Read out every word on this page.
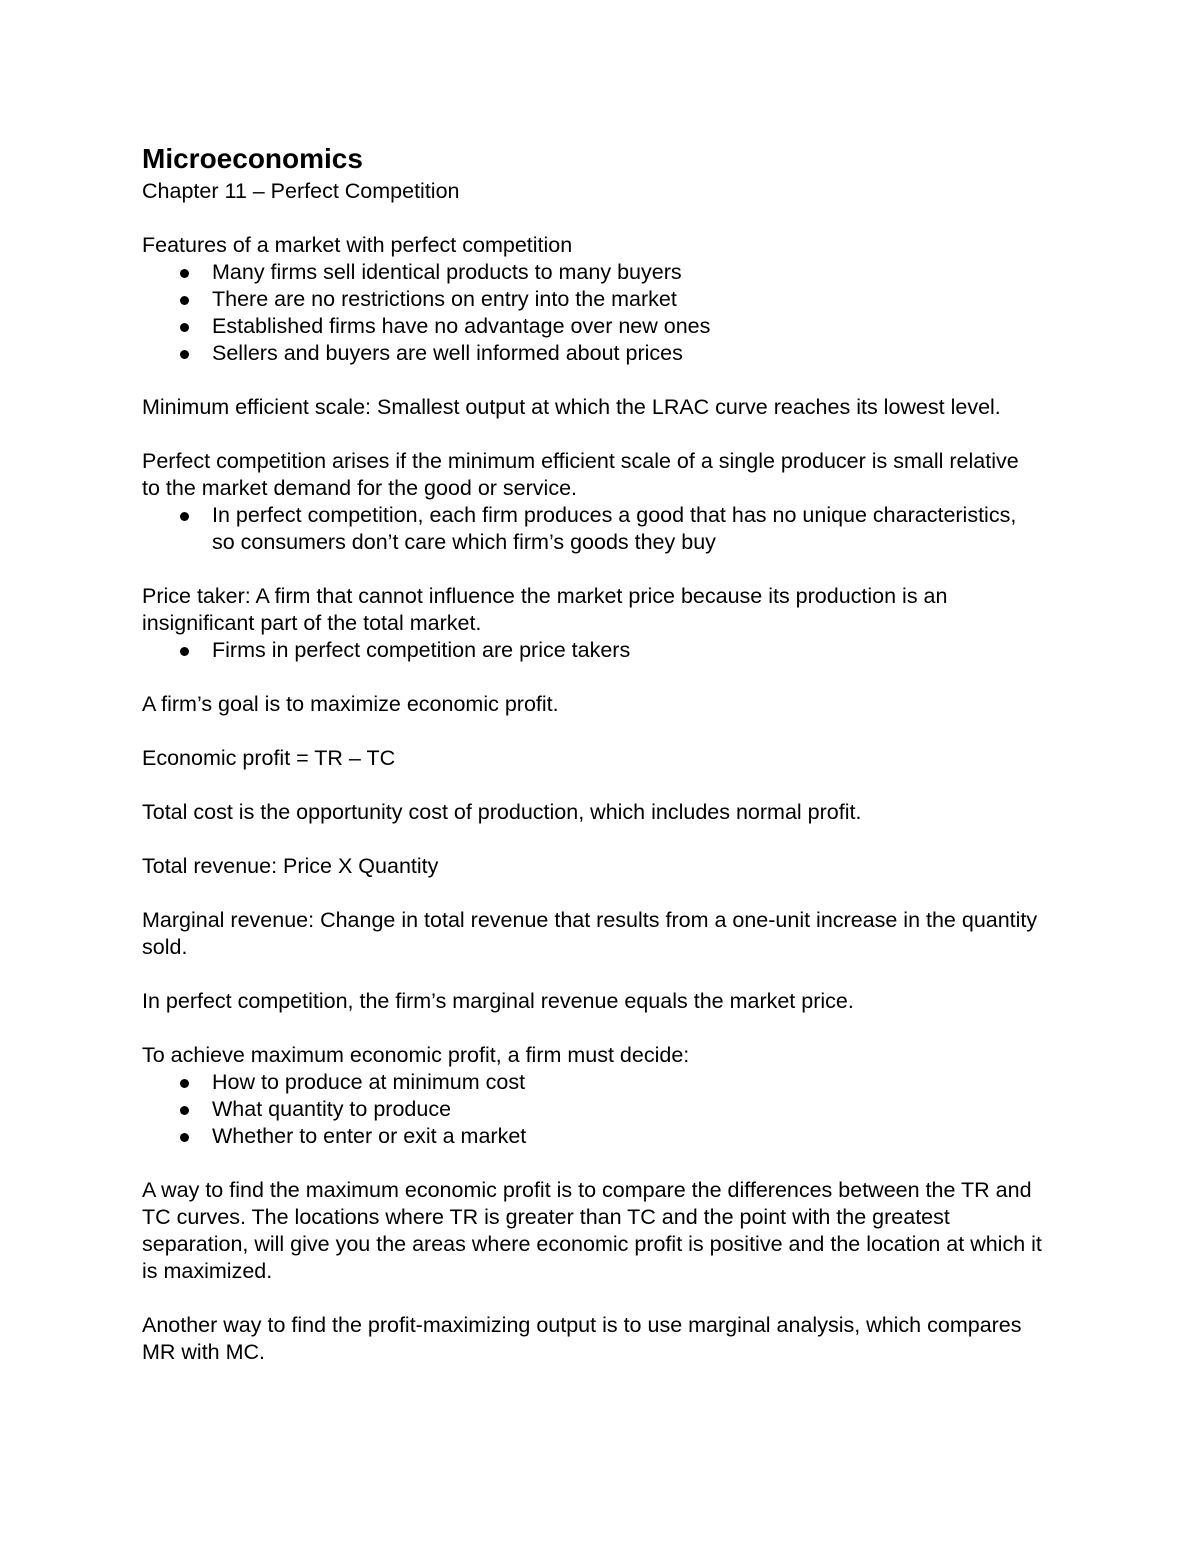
Microeconomics

Chapter 11 – Perfect Competition

Features of a market with perfect competition

Many firms sell identical products to many buyers
There are no restrictions on entry into the market
Established firms have no advantage over new ones
Sellers and buyers are well informed about prices

Minimum efficient scale: Smallest output at which the LRAC curve reaches its lowest level.

Perfect competition arises if the minimum efficient scale of a single producer is small relative to the market demand for the good or service.

In perfect competition, each firm produces a good that has no unique characteristics, so consumers don’t care which firm’s goods they buy

Price taker: A firm that cannot influence the market price because its production is an insignificant part of the total market.

Firms in perfect competition are price takers

A firm’s goal is to maximize economic profit.

Economic profit = TR – TC

Total cost is the opportunity cost of production, which includes normal profit.

Total revenue: Price X Quantity

Marginal revenue: Change in total revenue that results from a one-unit increase in the quantity sold.

In perfect competition, the firm’s marginal revenue equals the market price.

To achieve maximum economic profit, a firm must decide:

How to produce at minimum cost
What quantity to produce
Whether to enter or exit a market

A way to find the maximum economic profit is to compare the differences between the TR and TC curves. The locations where TR is greater than TC and the point with the greatest separation, will give you the areas where economic profit is positive and the location at which it is maximized.

Another way to find the profit-maximizing output is to use marginal analysis, which compares MR with MC.
